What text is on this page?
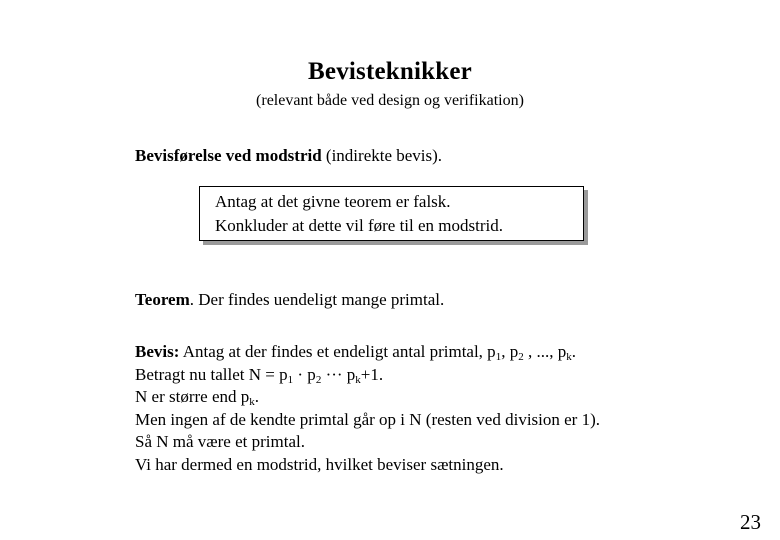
Bevisteknikker
(relevant både ved design og verifikation)
Bevisførelse ved modstrid (indirekte bevis).
Antag at det givne teorem er falsk.
Konkluder at dette vil føre til en modstrid.
Teorem. Der findes uendeligt mange primtal.
Bevis: Antag at der findes et endeligt antal primtal, $p_1$, $p_2$ , ..., $p_k$.
Betragt nu tallet $N = p_1 \cdot p_2$ ··· $p_k+1$.
N er større end $p_k$.
Men ingen af de kendte primtal går op i N (resten ved division er 1).
Så N må være et primtal.
Vi har dermed en modstrid, hvilket beviser sætningen.
23
